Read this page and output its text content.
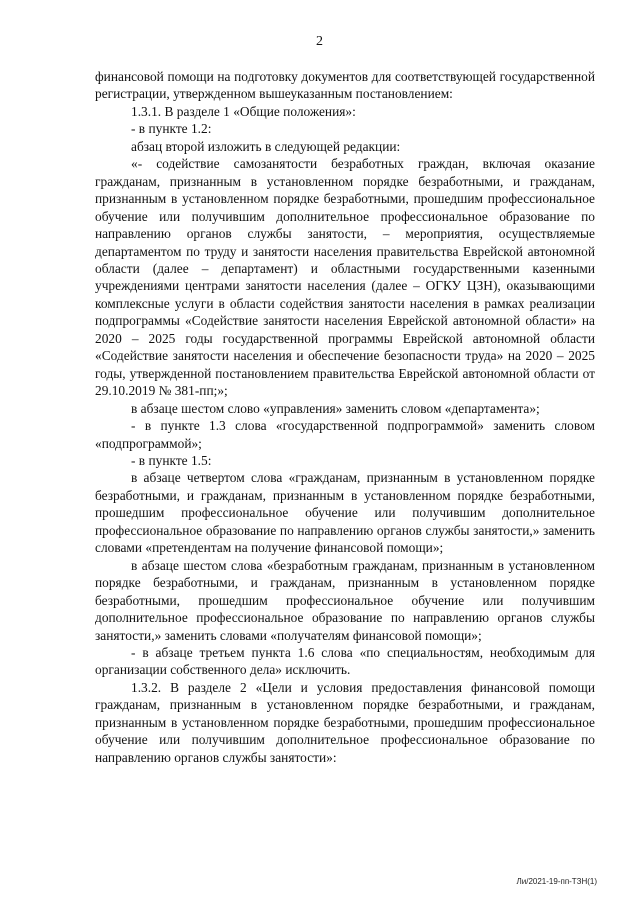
2

финансовой помощи на подготовку документов для соответствующей государственной регистрации, утвержденном вышеуказанным постановлением:

1.3.1. В разделе 1 «Общие положения»:

- в пункте 1.2:

абзац второй изложить в следующей редакции:

«- содействие самозанятости безработных граждан, включая оказание гражданам, признанным в установленном порядке безработными, и гражданам, признанным в установленном порядке безработными, прошедшим профессиональное обучение или получившим дополнительное профессиональное образование по направлению органов службы занятости, – мероприятия, осуществляемые департаментом по труду и занятости населения правительства Еврейской автономной области (далее – департамент) и областными государственными казенными учреждениями центрами занятости населения (далее – ОГКУ ЦЗН), оказывающими комплексные услуги в области содействия занятости населения в рамках реализации подпрограммы «Содействие занятости населения Еврейской автономной области» на 2020 – 2025 годы государственной программы Еврейской автономной области «Содействие занятости населения и обеспечение безопасности труда» на 2020 – 2025 годы, утвержденной постановлением правительства Еврейской автономной области от 29.10.2019 № 381-пп;»;

в абзаце шестом слово «управления» заменить словом «департамента»;

- в пункте 1.3 слова «государственной подпрограммой» заменить словом «подпрограммой»;

- в пункте 1.5:

в абзаце четвертом слова «гражданам, признанным в установленном порядке безработными, и гражданам, признанным в установленном порядке безработными, прошедшим профессиональное обучение или получившим дополнительное профессиональное образование по направлению органов службы занятости,» заменить словами «претендентам на получение финансовой помощи»;

в абзаце шестом слова «безработным гражданам, признанным в установленном порядке безработными, и гражданам, признанным в установленном порядке безработными, прошедшим профессиональное обучение или получившим дополнительное профессиональное образование по направлению органов службы занятости,» заменить словами «получателям финансовой помощи»;

- в абзаце третьем пункта 1.6 слова «по специальностям, необходимым для организации собственного дела» исключить.

1.3.2. В разделе 2 «Цели и условия предоставления финансовой помощи гражданам, признанным в установленном порядке безработными, и гражданам, признанным в установленном порядке безработными, прошедшим профессиональное обучение или получившим дополнительное профессиональное образование по направлению органов службы занятости»:

Ли/2021-19-пп-ТЗН(1)
